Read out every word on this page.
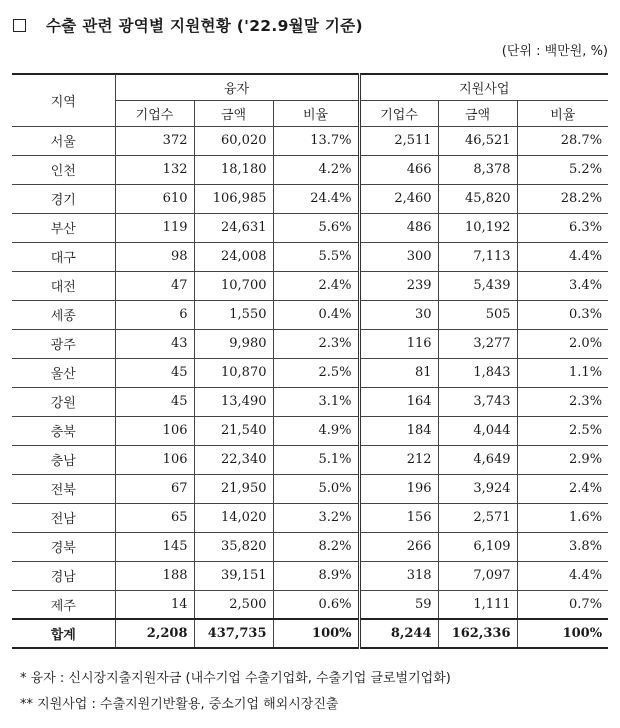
수출 관련 광역별 지원현황 ('22.9월말 기준)
(단위 : 백만원, %)
지역	융자			지원사업		
	기업수	금액	비율	기업수	금액	비율
서울	372	60,020	13.7%	2,511	46,521	28.7%
인천	132	18,180	4.2%	466	8,378	5.2%
경기	610	106,985	24.4%	2,460	45,820	28.2%
부산	119	24,631	5.6%	486	10,192	6.3%
대구	98	24,008	5.5%	300	7,113	4.4%
대전	47	10,700	2.4%	239	5,439	3.4%
세종	6	1,550	0.4%	30	505	0.3%
광주	43	9,980	2.3%	116	3,277	2.0%
울산	45	10,870	2.5%	81	1,843	1.1%
강원	45	13,490	3.1%	164	3,743	2.3%
충북	106	21,540	4.9%	184	4,044	2.5%
충남	106	22,340	5.1%	212	4,649	2.9%
전북	67	21,950	5.0%	196	3,924	2.4%
전남	65	14,020	3.2%	156	2,571	1.6%
경북	145	35,820	8.2%	266	6,109	3.8%
경남	188	39,151	8.9%	318	7,097	4.4%
제주	14	2,500	0.6%	59	1,111	0.7%
합계	2,208	437,735	100%	8,244	162,336	100%
* 융자 : 신시장지출지원자금 (내수기업 수출기업화, 수출기업 글로벌기업화)
** 지원사업 : 수출지원기반활용, 중소기업 해외시장진출
